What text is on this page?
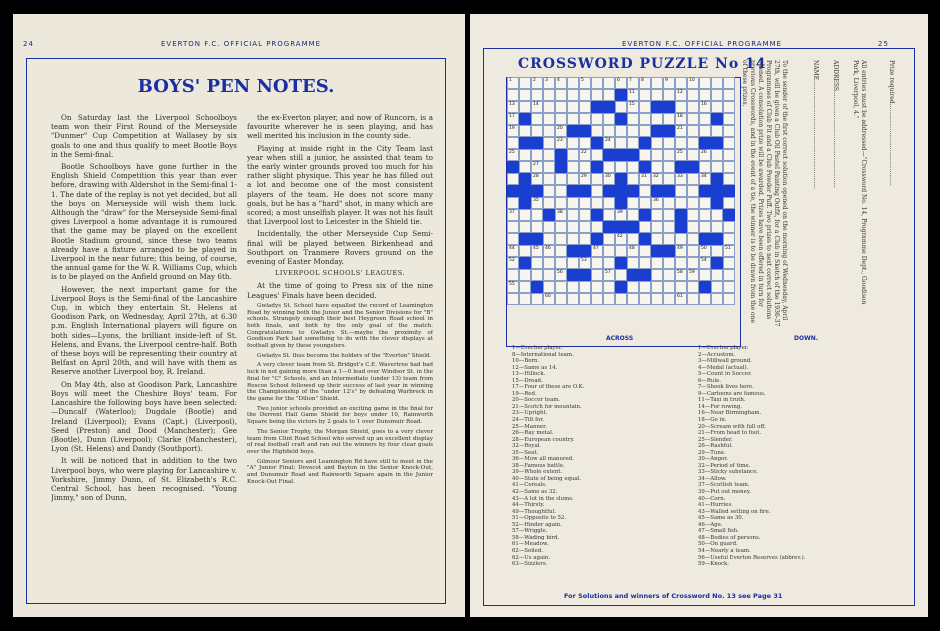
24	EVERTON F.C. OFFICIAL PROGRAMME
BOYS' PEN NOTES.

On Saturday last the Liverpool Schoolboys team won their First Round of the Merseyside "Dunmer" Cup Competition at Wallasey by six goals to one and thus qualify to meet Bootle Boys in the Semi-final.

Bootle Schoolboys have gone further in the English Shield Competition this year than ever before, drawing with Aldershot in the Semi-final 1-1. The date of the replay is not yet decided, but all the boys on Merseyside will wish them luck. Although the "draw" for the Merseyside Semi-final gives Liverpool a home advantage it is rumoured that the game may be played on the excellent Bootle Stadium ground, since these two teams already have a fixture arranged to be played in Liverpool in the near future; this being, of course, the annual game for the W. R. Williams Cup, which is to be played on the Anfield ground on May 6th.

However, the next important game for the Liverpool Boys is the Semi-final of the Lancashire Cup, in which they entertain St. Helens at Goodison Park, on Wednesday, April 27th, at 6.30 p.m. English International players will figure on both sides—Lyons, the brilliant inside-left of St. Helens, and Evans, the Liverpool centre-half. Both of these boys will be representing their country at Belfast on April 20th, and will have with them as Reserve another Liverpool boy, R. Ireland.

On May 4th, also at Goodison Park, Lancashire Boys will meet the Cheshire Boys' team. For Lancashire the following boys have been selected:—Duncalf (Waterloo); Dugdale (Bootle) and Ireland (Liverpool); Evans (Capt.) (Liverpool), Seed (Preston) and Dood (Manchester); Gee (Bootle), Dunn (Liverpool); Clarke (Manchester), Lyon (St. Helens) and Dandy (Southport).

It will be noticed that in addition to the two Liverpool boys, who were playing for Lancashire v. Yorkshire, Jimmy Dunn, of St. Elizabeth's R.C. Central School, has been recognised. "Young Jimmy," son of Dunn,

the ex-Everton player, and now of Runcorn, is a favourite wherever he is seen playing, and has well merited his inclusion in the county side.

Playing at inside right in the City Team last year when still a junior, he assisted that team to the early winter grounds proved too much for his rather slight physique. This year he has filled out a lot and become one of the most consistent players of the team. He does not score many goals, but he has a "hard" shot, in many which are scored; a most unselfish player. It was not his fault that Liverpool lost to Leicester in the Shield tie.

Incidentally, the other Merseyside Cup Semi-final will be played between Birkenhead and Southport on Tranmere Rovers ground on the evening of Easter Monday.

LIVERPOOL SCHOOLS' LEAGUES.

At the time of going to Press six of the nine Leagues' Finals have been decided.

Gwladys St. School have equalled the record of Leamington Road by winning both the Junior and the Senior Divisions for "B" schools. Strangely enough their best Heygreen Road school in both finals, and both by the only goal of the match. Congratulations to Gwladys St.—maybe the proximity of Goodison Park had something to do with the clever displays at football given by these youngsters.

Gwladys St. thus become the holders of the "Everton" Shield.

A very clever team from St. Bridget's C.E. Wavertree had bad luck in not gaining more than a 1—0 lead over Windsor St. in the final for "C" Schools, and an Intermediate (under 13) team from Roscoe School followed up their success of last year in winning the Championship of the "under 12's" by defeating Warbreck in the game for the "Dilion" Shield.

Two junior schools provided an exciting game in the final for the Derrent Hall Game Shield for boys under 10, Rainworth Square being the victors by 2 goals to 1 over Dunsmuir Road.

The Senior Trophy, the Morgan Shield, goes to a very clever team from Clint Road School who served up an excellent display of real football craft and ran out the winners by four clear goals over the Highfield boys.

Gilmour Seniors and Leamington Rd have still to meet in the "A" Junior Final; Dovecot and Bayton in the Senior Knock-Out, and Dunsmuir Road and Rainworth Square again in the Junior Knock-Out Final.

EVERTON F.C. OFFICIAL PROGRAMME	25
CROSSWORD PUZZLE No 14
ACROSS	DOWN.
1—Everton player.
8—International team.
10—Born.
12—Same as 14.
13—Hillock.
15—Dread.
17—Four of these are O.K.
19—Red.
20—Soccer team.
21—Scotch for mountain.
23—Upright.
24—Tilt for.
25—Manner.
26—Ray metal.
28—European country.
32—Royal.
35—Seat.
36—Mow all manured.
38—Famous battle.
39—Whole extent.
40—State of being equal.
41—Cereals.
42—Same as 32.
43—A lot in the slums.
44—Thirsty.
49—Thoughtful.
51—Opposite to 52.
52—Hinder again.
57—Wriggle.
58—Wading bird.
61—Meadow.
62—Soiled.
62—Us again.
63—Sizzlers.
1—Everton player.
2—Accustom.
3—Millwall ground.
4—Medal (actual).
5—Count in Soccer.
6—Rule.
7—Shook lives here.
9—Cartoons are famous.
11—Taxi in truth.
14—For rowing.
16—Near Birmingham.
18—Go in.
20—Scream with full off.
21—From head to foot.
25—Slender.
26—Rashful.
29—Tune.
30—Anger.
32—Period of time.
33—Sticky substance.
34—Allow.
37—Scottish team.
39—Put out money.
40—Corn.
41—Hurries.
43—Walled setting on fire.
45—Same as 30.
46—Age.
47—Small fish.
48—Bodies of persons.
50—On guard.
54—Nearly a team.
56—Useful Everton Reserves (abbrev.).
59—Knock.
To the sender of the first correct solution opened on the morning of Wednesday, April 27th, will be given a Club Oil Pastel Painting Outfit, for a Club in Sketch of the 1936-37 Programmes of Club Fit and a Club Powder Puff. Two prizes to next correct solutions opened. A consolation prize will be awarded. Prizes have been offered in turn for previous Crosswords, and in the event of a tie, the winner is to be drawn from the one of these prizes.	NAME......................................................... ADDRESS...................................................	All entries must be addressed—"Crossword No. 14, Programme Dept., Goodison Park, Liverpool, 4."	Prize required...........................................
For Solutions and winners of Crossword No. 13 see Page 31
1	2 3 4	5	6 7 8	9	10
11	12
13	14	15	16
17	18
19	20	21
23	24
25	22	25	26
27
28	29	30	31 32	33	34
35	36
37	38	39
42
44	45 46	47	48	49	50	51
52	53	54
56	57	58 59
55
60	61
